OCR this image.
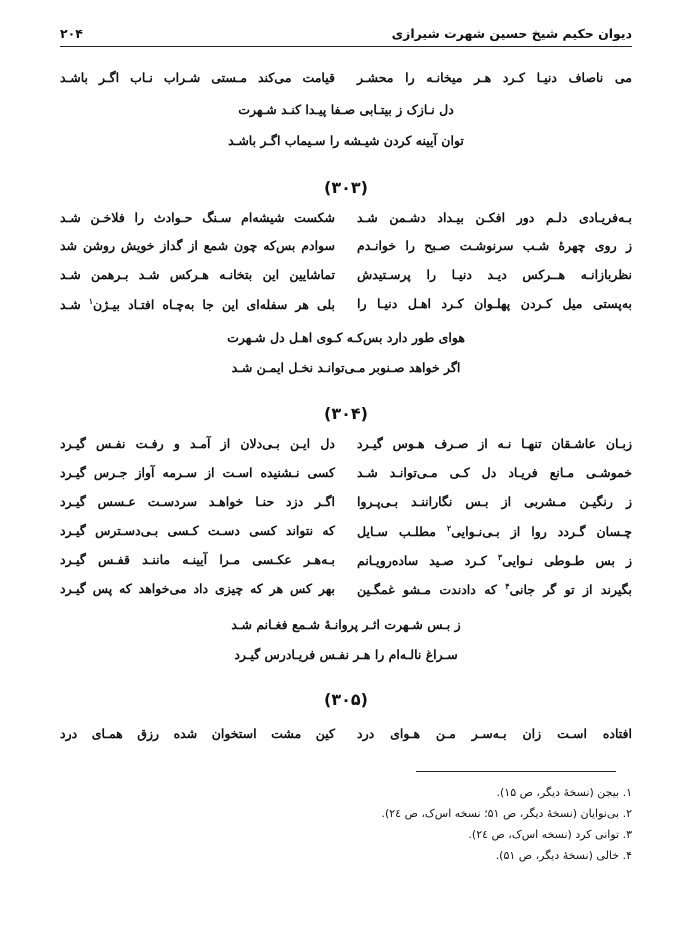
دیوان حکیم شیخ حسین شهرت شیرازی
۲۰۴
می ناصاف دنیـا کـرد هـر میخانـه را محشـر
قیامت می‌کند مـستی شـراب نـاب اگـر باشـد
دل نـازک ز بیتـابی صـفا پیـدا کنـد شـهرت
توان آیینه کردن شیـشه را سـیماب اگـر باشـد
(۳۰۳)
بـه‌فریـادی دلـم دور افکـن بیـداد دشـمن شـد
شکست شیشه‌ام سـنگ حـوادث را فلاخـن شـد
ز روی چهرهٔ شـب سرنوشـت صـبح را خوانـدم
سوادم بس‌که چون شمع از گداز خویش روشن شد
نظربازانـه هــرکس دیـد دنیـا را پرسـتیدش
تماشایین این بتخانـه هـرکس شـد بـرهمن شـد
به‌پستی میل کـردن پهلـوان کـرد اهـل دنیـا را
بلی هر سفله‌ای این جا به‌چـاه افتـاد بیـژن$^۱$ شـد
هوای طور دارد بس‌کـه کـوی اهـل دل شـهرت
اگر خواهد صـنوبر مـی‌توانـد نخـل ایمـن شـد
(۳۰۴)
زبـان عاشـقان تنهـا نـه از صـرف هـوس گیـرد
دل ایـن بـی‌دلان از آمـد و رفـت نفـس گیـرد
خموشـی مـانع فریـاد دل کـی مـی‌توانـد شـد
کسی نـشنیده اسـت از سـرمه آواز جـرس گیـرد
ز رنگیـن مـشربی از بـس نگاراننـد بـی‌پـروا
اگـر دزد حنـا خواهـد سردسـت عـسس گیـرد
چـسان گـردد روا از بـی‌نـوایی$^۲$ مطلـب سـایل
که نتواند کسی دسـت کـسی بـی‌دسـترس گیـرد
ز بس طـوطی نـوایی$^۳$ کـرد صـید ساده‌رویـانم
بـه‌هـر عکـسی مـرا آیینـه ماننـد قفـس گیـرد
بگیرند از تو گر جانی$^۴$ که دادندت مـشو غمگـین
بهر کس هر که چیزی داد می‌خواهد که پس گیـرد
ز بـس شـهرت اثـر پروانـهٔ شـمع فغـانم شـد
سـراغ نالـه‌ام را هـر نفـس فریـادرس گیـرد
(۳۰۵)
افتاده اسـت زان بـه‌سـر مـن هـوای درد
کین مشت استخوان شده رزق همـای درد
۱. بیجن (نسخهٔ دیگر، ص ۱۵).
۲. بی‌نوایان (نسخهٔ دیگر، ص ۵۱؛ نسخه اس‌ک، ص ۲٤).
۳. توانی کرد (نسخه اس‌ک، ص ۲٤).
۴. خالی (نسخهٔ دیگر، ص ۵۱).
